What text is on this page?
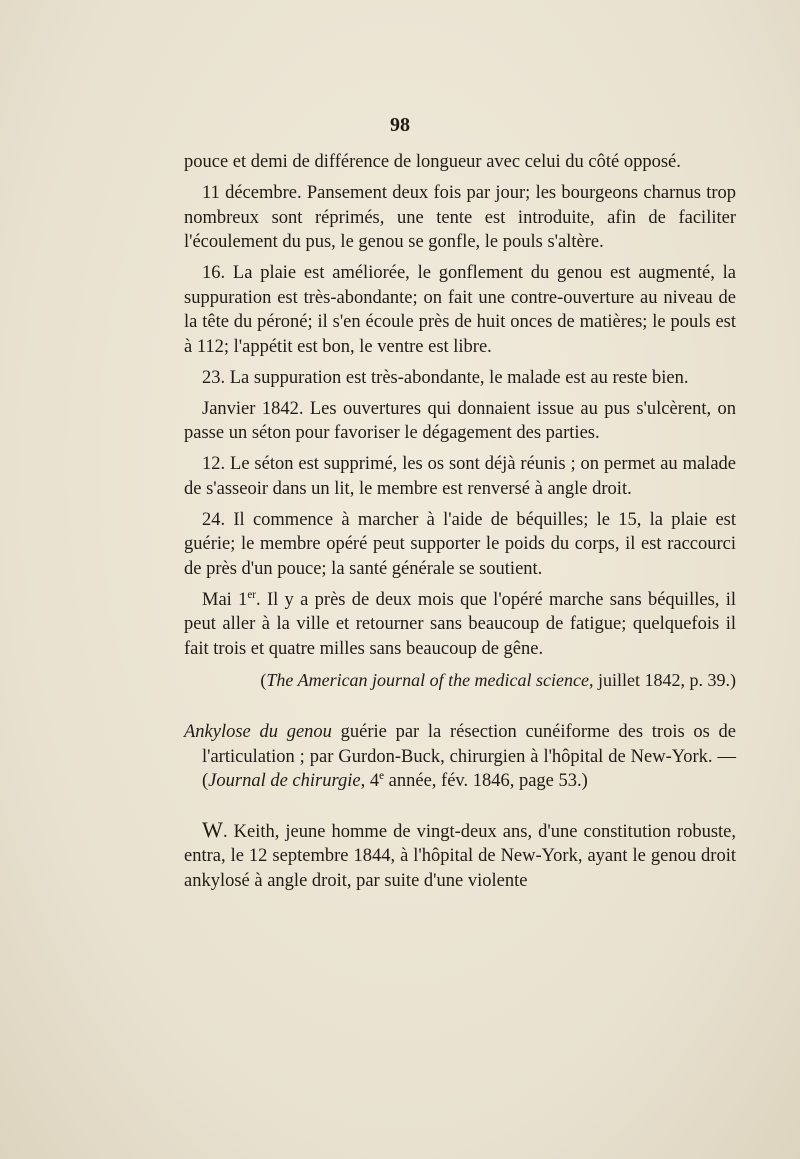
98

pouce et demi de différence de longueur avec celui du côté opposé.

11 décembre. Pansement deux fois par jour; les bourgeons charnus trop nombreux sont réprimés, une tente est introduite, afin de faciliter l'écoulement du pus, le genou se gonfle, le pouls s'altère.

16. La plaie est améliorée, le gonflement du genou est augmenté, la suppuration est très-abondante; on fait une contre-ouverture au niveau de la tête du péroné; il s'en écoule près de huit onces de matières; le pouls est à 112; l'appétit est bon, le ventre est libre.

23. La suppuration est très-abondante, le malade est au reste bien.

Janvier 1842. Les ouvertures qui donnaient issue au pus s'ulcèrent, on passe un séton pour favoriser le dégagement des parties.

12. Le séton est supprimé, les os sont déjà réunis ; on permet au malade de s'asseoir dans un lit, le membre est renversé à angle droit.

24. Il commence à marcher à l'aide de béquilles; le 15, la plaie est guérie; le membre opéré peut supporter le poids du corps, il est raccourci de près d'un pouce; la santé générale se soutient.

Mai 1er. Il y a près de deux mois que l'opéré marche sans béquilles, il peut aller à la ville et retourner sans beaucoup de fatigue; quelquefois il fait trois et quatre milles sans beaucoup de gêne.

(The American journal of the medical science, juillet 1842, p. 39.)

Ankylose du genou guérie par la résection cunéiforme des trois os de l'articulation ; par Gurdon-Buck, chirurgien à l'hôpital de New-York. — (Journal de chirurgie, 4e année, fév. 1846, page 53.)

W. Keith, jeune homme de vingt-deux ans, d'une constitution robuste, entra, le 12 septembre 1844, à l'hôpital de New-York, ayant le genou droit ankylosé à angle droit, par suite d'une violente
